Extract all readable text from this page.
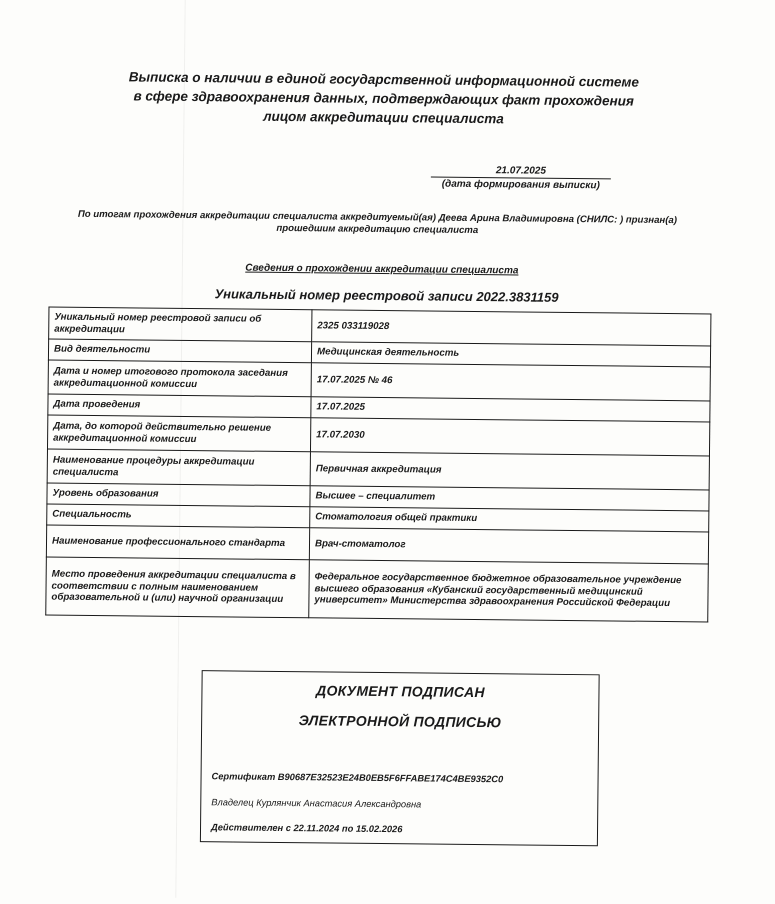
Выписка о наличии в единой государственной информационной системе в сфере здравоохранения данных, подтверждающих факт прохождения лицом аккредитации специалиста
21.07.2025
(дата формирования выписки)
По итогам прохождения аккредитации специалиста аккредитуемый(ая) Деева Арина Владимировна (СНИЛС: ) признан(а) прошедшим аккредитацию специалиста
Сведения о прохождении аккредитации специалиста
Уникальный номер реестровой записи 2022.3831159
Уникальный номер реестровой записи об аккредитации	2325 033119028
Вид деятельности	Медицинская деятельность
Дата и номер итогового протокола заседания аккредитационной комиссии	17.07.2025 № 46
Дата проведения	17.07.2025
Дата, до которой действительно решение аккредитационной комиссии	17.07.2030
Наименование процедуры аккредитации специалиста	Первичная аккредитация
Уровень образования	Высшее – специалитет
Специальность	Стоматология общей практики
Наименование профессионального стандарта	Врач-стоматолог
Место проведения аккредитации специалиста в соответствии с полным наименованием образовательной и (или) научной организации	Федеральное государственное бюджетное образовательное учреждение высшего образования «Кубанский государственный медицинский университет» Министерства здравоохранения Российской Федерации
ДОКУМЕНТ ПОДПИСАН
ЭЛЕКТРОННОЙ ПОДПИСЬЮ
Сертификат B90687E32523E24B0EB5F6FFABE174C4BE9352C0
Владелец Курлянчик Анастасия Александровна
Действителен с 22.11.2024 по 15.02.2026
